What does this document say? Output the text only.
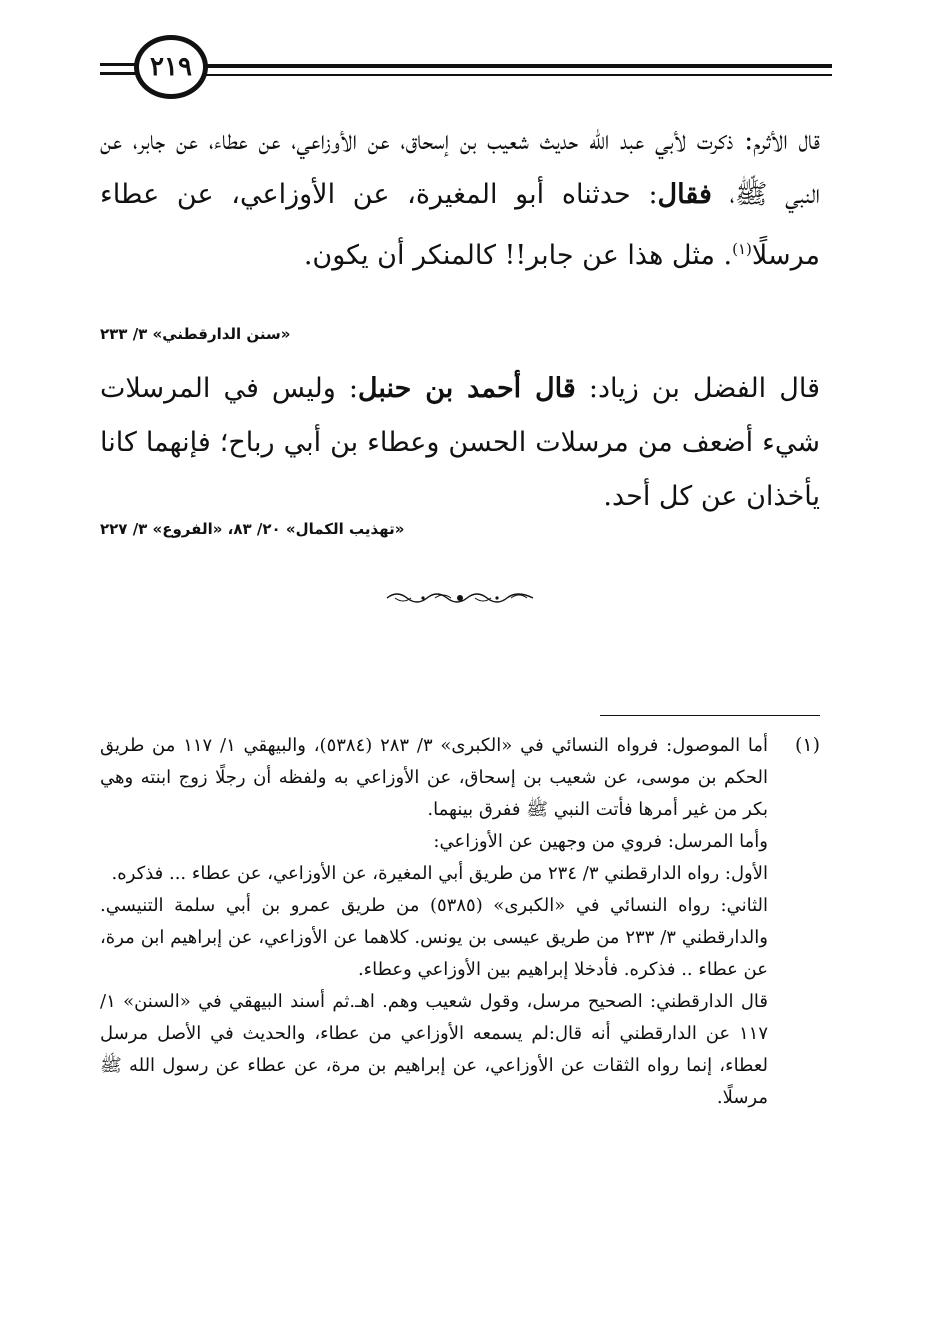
٢١٩
قال الأثرم: ذكرت لأبي عبد الله حديث شعيب بن إسحاق، عن الأوزاعي، عن عطاء، عن جابر، عن النبي ﷺ، فقال: حدثناه أبو المغيرة، عن الأوزاعي، عن عطاء مرسلًا$^{(١)}$. مثل هذا عن جابر!! كالمنكر أن يكون.
«سنن الدارقطني» ٣/ ٢٣٣
قال الفضل بن زياد: قال أحمد بن حنبل: وليس في المرسلات شيء أضعف من مرسلات الحسن وعطاء بن أبي رباح؛ فإنهما كانا يأخذان عن كل أحد.
«تهذيب الكمال» ٢٠/ ٨٣، «الفروع» ٣/ ٢٢٧
(١)

أما الموصول: فرواه النسائي في «الكبرى» ٣/ ٢٨٣ (٥٣٨٤)، والبيهقي ١/ ١١٧ من طريق الحكم بن موسى، عن شعيب بن إسحاق، عن الأوزاعي به ولفظه أن رجلًا زوج ابنته وهي بكر من غير أمرها فأتت النبي ﷺ ففرق بينهما.

وأما المرسل: فروي من وجهين عن الأوزاعي:

الأول: رواه الدارقطني ٣/ ٢٣٤ من طريق أبي المغيرة، عن الأوزاعي، عن عطاء ... فذكره.

الثاني: رواه النسائي في «الكبرى» (٥٣٨٥) من طريق عمرو بن أبي سلمة التنيسي. والدارقطني ٣/ ٢٣٣ من طريق عيسى بن يونس. كلاهما عن الأوزاعي، عن إبراهيم ابن مرة، عن عطاء .. فذكره. فأدخلا إبراهيم بين الأوزاعي وعطاء.

قال الدارقطني: الصحيح مرسل، وقول شعيب وهم. اهـ.ثم أسند البيهقي في «السنن» ١/ ١١٧ عن الدارقطني أنه قال:لم يسمعه الأوزاعي من عطاء، والحديث في الأصل مرسل لعطاء، إنما رواه الثقات عن الأوزاعي، عن إبراهيم بن مرة، عن عطاء عن رسول الله ﷺ مرسلًا.
